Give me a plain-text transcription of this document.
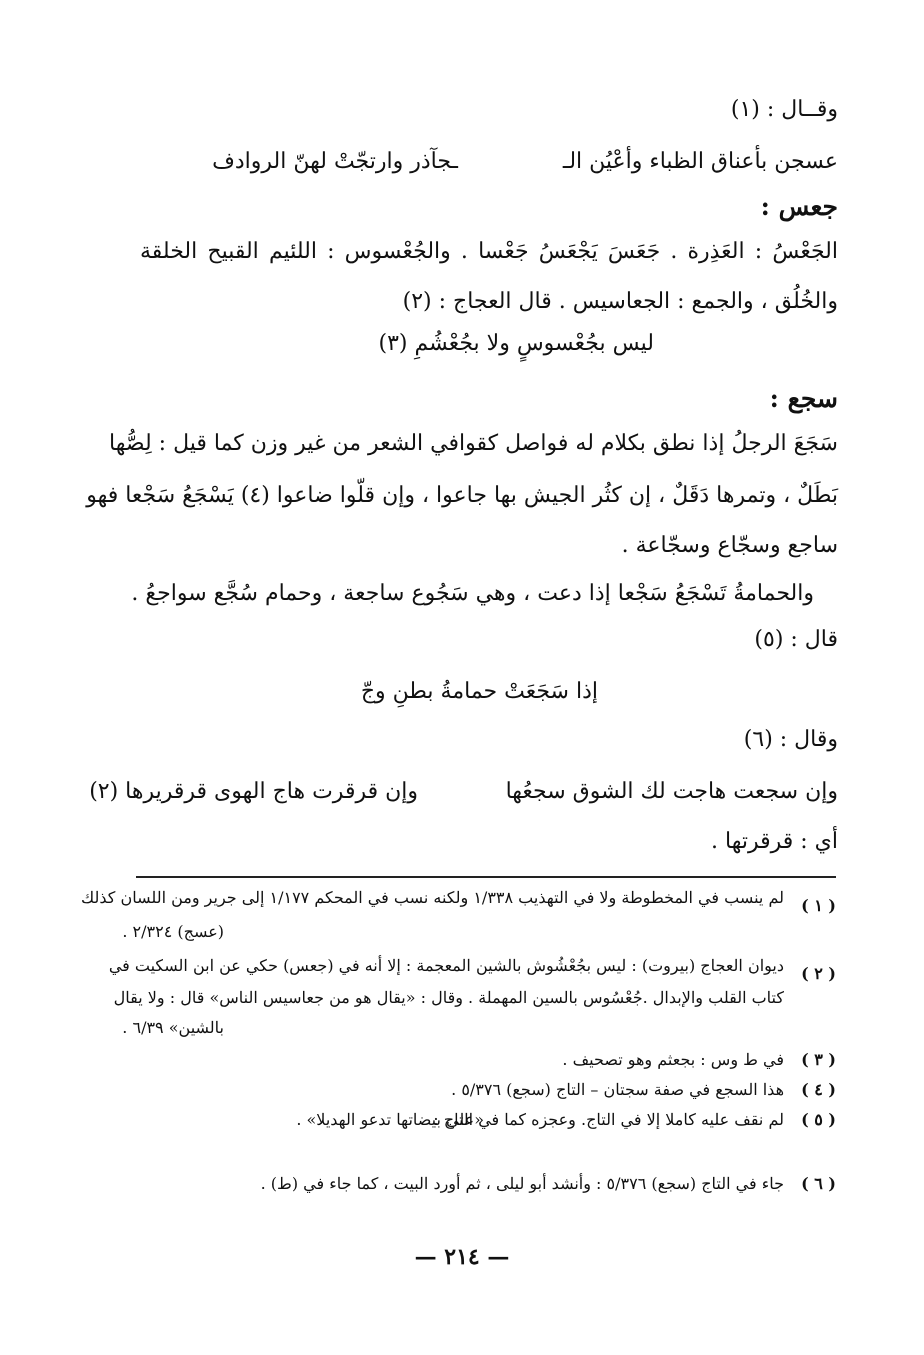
وقــال : (١)
عسجن بأعناق الظباء وأعْيُن الـ
ـجآذر وارتجّتْ لهنّ الروادف
جعس :
الجَعْسُ : العَذِرة . جَعَسَ يَجْعَسُ جَعْسا . والجُعْسوس : اللئيم القبيح الخلقة
والخُلُق ، والجمع : الجعاسيس . قال العجاج : (٢)
ليس بجُعْسوسٍ ولا بجُعْشُمِ (٣)
سجع :
سَجَعَ الرجلُ إذا نطق بكلام له فواصل كقوافي الشعر من غير وزن كما قيل : لِصُّها
بَطَلٌ ، وتمرها دَقَلٌ ، إن كثُر الجيش بها جاعوا ، وإن قلّوا ضاعوا (٤) يَسْجَعُ سَجْعا فهو
ساجع وسجّاع وسجّاعة .
والحمامةُ تَسْجَعُ سَجْعا إذا دعت ، وهي سَجُوع ساجعة ، وحمام سُجَّع سواجعُ .
قال : (٥)
إذا سَجَعَتْ حمامةُ بطنِ وجّ
وقال : (٦)
وإن سجعت هاجت لك الشوق سجعُها
وإن قرقرت هاج الهوى قرقريرها (٢)
أي : قرقرتها .
( ١ )
لم ينسب في المخطوطة ولا في التهذيب ١/٣٣٨ ولكنه نسب في المحكم ١/١٧٧ إلى جرير ومن اللسان كذلك
(عسج) ٢/٣٢٤ .
( ٢ )
ديوان العجاج (بيروت) : ليس بجُعْشُوش بالشين المعجمة : إلا أنه في (جعس) حكي عن ابن السكيت في
كتاب القلب والإبدال .جُعْسُوس بالسين المهملة . وقال : «يقال هو من جعاسيس الناس» قال : ولا يقال
بالشين» ٦/٣٩ .
( ٣ )
في ط وس : بجعثم وهو تصحيف .
( ٤ )
هذا السجع في صفة سجتان – التاج (سجع) ٥/٣٧٦ .
( ٥ )
لم نقف عليه كاملا إلا في التاج. وعجزه كما في التاج :
«على بيضاتها تدعو الهديلا» .
( ٦ )
جاء في التاج (سجع) ٥/٣٧٦ : وأنشد أبو ليلى ، ثم أورد البيت ، كما جاء في (ط) .
— ٢١٤ —
